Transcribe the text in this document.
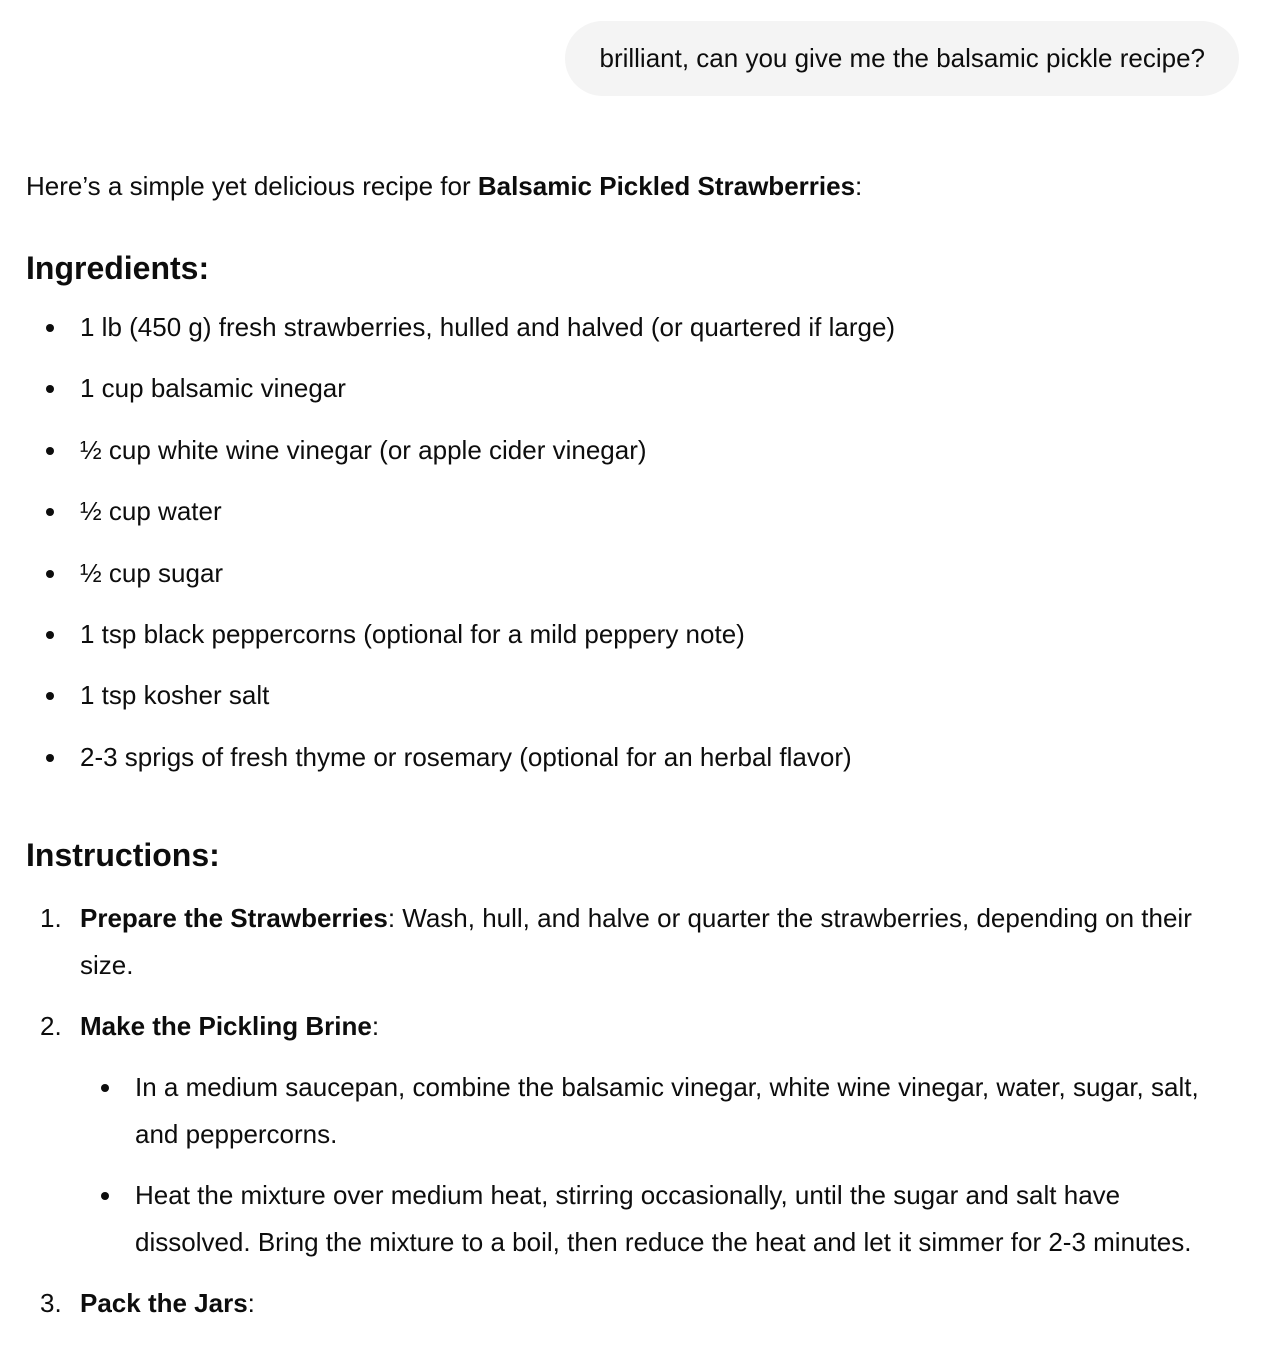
brilliant, can you give me the balsamic pickle recipe?

Here’s a simple yet delicious recipe for Balsamic Pickled Strawberries:

Ingredients:
1 lb (450 g) fresh strawberries, hulled and halved (or quartered if large)
1 cup balsamic vinegar
½ cup white wine vinegar (or apple cider vinegar)
½ cup water
½ cup sugar
1 tsp black peppercorns (optional for a mild peppery note)
1 tsp kosher salt
2-3 sprigs of fresh thyme or rosemary (optional for an herbal flavor)
Instructions:
1. Prepare the Strawberries: Wash, hull, and halve or quarter the strawberries, depending on their size.
2. Make the Pickling Brine:
In a medium saucepan, combine the balsamic vinegar, white wine vinegar, water, sugar, salt, and peppercorns.
Heat the mixture over medium heat, stirring occasionally, until the sugar and salt have dissolved. Bring the mixture to a boil, then reduce the heat and let it simmer for 2-3 minutes.
3. Pack the Jars:
